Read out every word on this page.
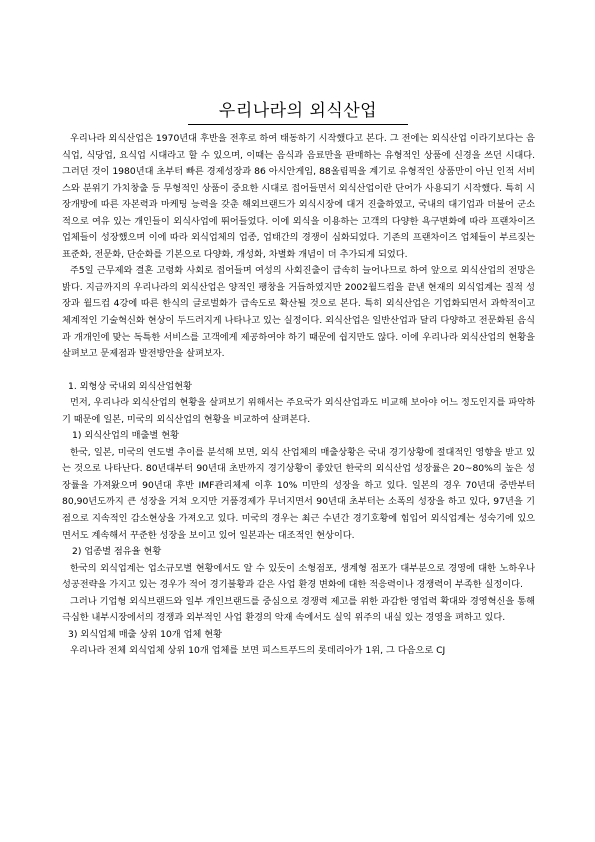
우리나라의 외식산업

우리나라 외식산업은 1970년대 후반을 전후로 하여 태동하기 시작했다고 본다. 그 전에는 외식산업 이라기보다는 음식업, 식당업, 요식업 시대라고 할 수 있으며, 이때는 음식과 음료만을 판매하는 유형적인 상품에 신경을 쓰던 시대다. 그러던 것이 1980년대 초부터 빠른 경제성장과 86 아시안게임, 88올림픽을 계기로 유형적인 상품만이 아닌 인적 서비스와 분위기 가치창출 등 무형적인 상품이 중요한 시대로 접어들면서 외식산업이란 단어가 사용되기 시작했다. 특히 시장개방에 따른 자본력과 마케팅 능력을 갖춘 해외브랜드가 외식시장에 대거 진출하였고, 국내의 대기업과 더불어 군소적으로 여유 있는 개인들이 외식사업에 뛰어들었다. 이에 외식을 이용하는 고객의 다양한 욕구변화에 따라 프랜차이즈 업체들이 성장했으며 이에 따라 외식업체의 업종, 업태간의 경쟁이 심화되었다. 기존의 프랜차이즈 업체들이 부르짖는 표준화, 전문화, 단순화를 기본으로 다양화, 개성화, 차별화 개념이 더 추가되게 되었다.

주5일 근무제와 결혼 고령화 사회로 접어들며 여성의 사회진출이 급속히 늘어나므로 하여 앞으로 외식산업의 전망은 밝다. 지금까지의 우리나라의 외식산업은 양적인 팽창을 거듭하였지만 2002월드컵을 끝낸 현재의 외식업계는 질적 성장과 월드컵 4강에 따른 한식의 글로벌화가 급속도로 확산될 것으로 본다. 특히 외식산업은 기업화되면서 과학적이고 체계적인 기술혁신화 현상이 두드러지게 나타나고 있는 실정이다. 외식산업은 일반산업과 달리 다양하고 전문화된 음식과 개개인에 맞는 독특한 서비스를 고객에게 제공하여야 하기 때문에 쉽지만도 않다. 이에 우리나라 외식산업의 현황을 살펴보고 문제점과 발전방안을 살펴보자.

1. 외형상 국내외 외식산업현황

먼저, 우리나라 외식산업의 현황을 살펴보기 위해서는 주요국가 외식산업과도 비교해 보아야 어느 정도인지를 파악하기 때문에 일본, 미국의 외식산업의 현황을 비교하여 살펴본다.

1) 외식산업의 매출별 현황

한국, 일본, 미국의 연도별 추이를 분석해 보면, 외식 산업체의 매출상황은 국내 경기상황에 절대적인 영향을 받고 있는 것으로 나타난다. 80년대부터 90년대 초반까지 경기상황이 좋았던 한국의 외식산업 성장률은 20~80%의 높은 성장률을 가져왔으며 90년대 후반 IMF관리체제 이후 10% 미만의 성장을 하고 있다. 일본의 경우 70년대 중반부터 80,90년도까지 큰 성장을 거쳐 오지만 거품경제가 무너지면서 90년대 초부터는 소폭의 성장을 하고 있다, 97년을 기점으로 지속적인 감소현상을 가져오고 있다. 미국의 경우는 최근 수년간 경기호황에 힘입어 외식업계는 성숙기에 있으면서도 계속해서 꾸준한 성장을 보이고 있어 일본과는 대조적인 현상이다.

2) 업종별 점유율 현황

한국의 외식업계는 업소규모별 현황에서도 알 수 있듯이 소형점포, 생계형 점포가 대부분으로 경영에 대한 노하우나 성공전략을 가지고 있는 경우가 적어 경기불황과 같은 사업 환경 변화에 대한 적응력이나 경쟁력이 부족한 실정이다.

그러나 기업형 외식브랜드와 일부 개인브랜드를 중심으로 경쟁력 제고를 위한 과감한 영업력 확대와 경영혁신을 통해 극심한 내부시장에서의 경쟁과 외부적인 사업 환경의 악재 속에서도 실익 위주의 내실 있는 경영을 펴하고 있다.

3) 외식업체 매출 상위 10개 업체 현황

우리나라 전체 외식업체 상위 10개 업체를 보면 피스트푸드의 롯데리아가 1위, 그 다음으로 CJ
